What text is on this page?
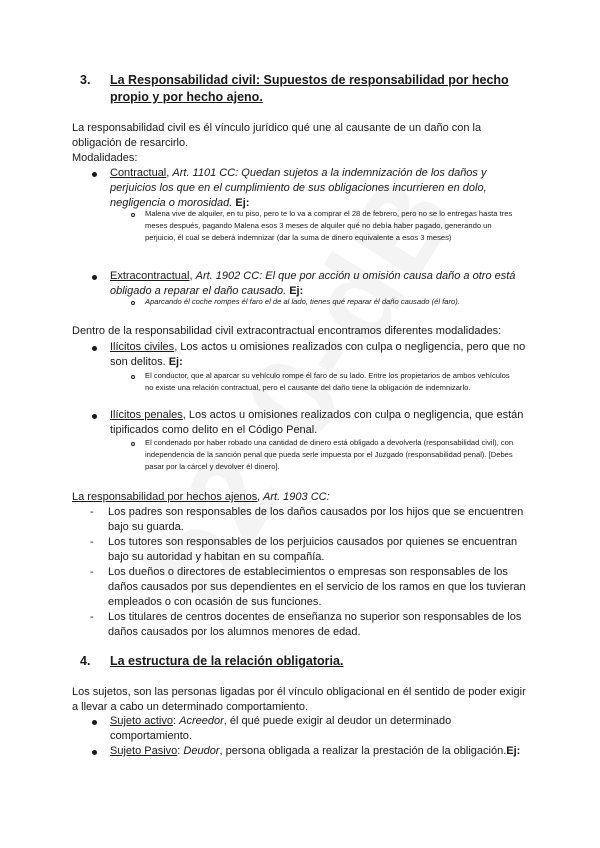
3. La Responsabilidad civil: Supuestos de responsabilidad por hecho propio y por hecho ajeno.
La responsabilidad civil es él vínculo jurídico qué une al causante de un daño con la obligación de resarcirlo.
Modalidades:
Contractual, Art. 1101 CC: Quedan sujetos a la indemnización de los daños y perjuicios los que en el cumplimiento de sus obligaciones incurrieren en dolo, negligencia o morosidad. Ej:
Malena vive de alquiler, en tu piso, pero te lo va a comprar el 28 de febrero, pero no se lo entregas hasta tres meses después, pagando Malena esos 3 meses de alquiler qué no debía haber pagado, generando un perjuicio, él cual se deberá indemnizar (dar la suma de dinero equivalente a esos 3 meses)
Extracontractual, Art. 1902 CC: El que por acción u omisión causa daño a otro está obligado a reparar el daño causado. Ej:
Aparcando él coche rompes él faro el de al lado, tienes qué reparar él daño causado (él faro).
Dentro de la responsabilidad civil extracontractual encontramos diferentes modalidades:
Ilícitos civiles, Los actos u omisiones realizados con culpa o negligencia, pero que no son delitos. Ej:
El conductor, que al aparcar su vehículo rompe él faro de su lado. Entre los propietarios de ambos vehículos no existe una relación contractual, pero el causante del daño tiene la obligación de indemnizarlo.
Ilícitos penales, Los actos u omisiones realizados con culpa o negligencia, que están tipificados como delito en el Código Penal.
El condenado por haber robado una cantidad de dinero está obligado a devolverla (responsabilidad civil), con independencia de la sanción penal que pueda serle impuesta por el Juzgado (responsabilidad penal). [Debes pasar por la cárcel y devolver él dinero].
La responsabilidad por hechos ajenos, Art. 1903 CC:
- Los padres son responsables de los daños causados por los hijos que se encuentren bajo su guarda.
- Los tutores son responsables de los perjuicios causados por quienes se encuentran bajo su autoridad y habitan en su compañía.
- Los dueños o directores de establecimientos o empresas son responsables de los daños causados por sus dependientes en el servicio de los ramos en que los tuvieran empleados o con ocasión de sus funciones.
- Los titulares de centros docentes de enseñanza no superior son responsables de los daños causados por los alumnos menores de edad.
4. La estructura de la relación obligatoria.
Los sujetos, son las personas ligadas por él vínculo obligacional en él sentido de poder exigir a llevar a cabo un determinado comportamiento.
Sujeto activo: Acreedor, él qué puede exigir al deudor un determinado comportamiento.
Sujeto Pasivo: Deudor, persona obligada a realizar la prestación de la obligación.Ej:
